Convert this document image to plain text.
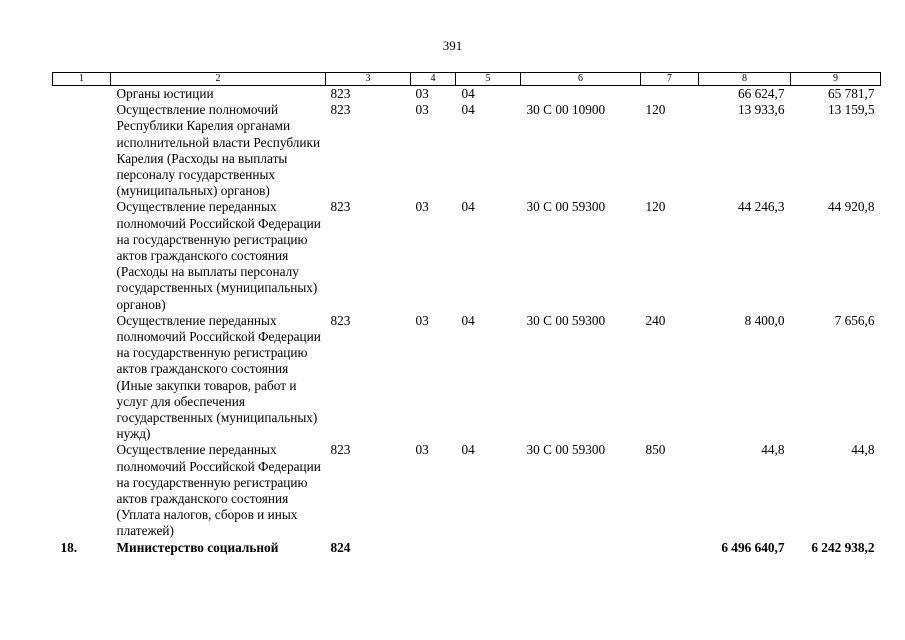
391
1	2	3	4	5	6	7	8	9
	Органы юстиции	823	03	04			66 624,7	65 781,7
	Осуществление полномочий Республики Карелия органами исполнительной власти Республики Карелия (Расходы на выплаты персоналу государственных (муниципальных) органов)	823	03	04	30 С 00 10900	120	13 933,6	13 159,5
	Осуществление переданных полномочий Российской Федерации на государственную регистрацию актов гражданского состояния (Расходы на выплаты персоналу государственных (муниципальных) органов)	823	03	04	30 С 00 59300	120	44 246,3	44 920,8
	Осуществление переданных полномочий Российской Федерации на государственную регистрацию актов гражданского состояния (Иные закупки товаров, работ и услуг для обеспечения государственных (муниципальных) нужд)	823	03	04	30 С 00 59300	240	8 400,0	7 656,6
	Осуществление переданных полномочий Российской Федерации на государственную регистрацию актов гражданского состояния (Уплата налогов, сборов и иных платежей)	823	03	04	30 С 00 59300	850	44,8	44,8
18.	Министерство социальной	824					6 496 640,7	6 242 938,2
